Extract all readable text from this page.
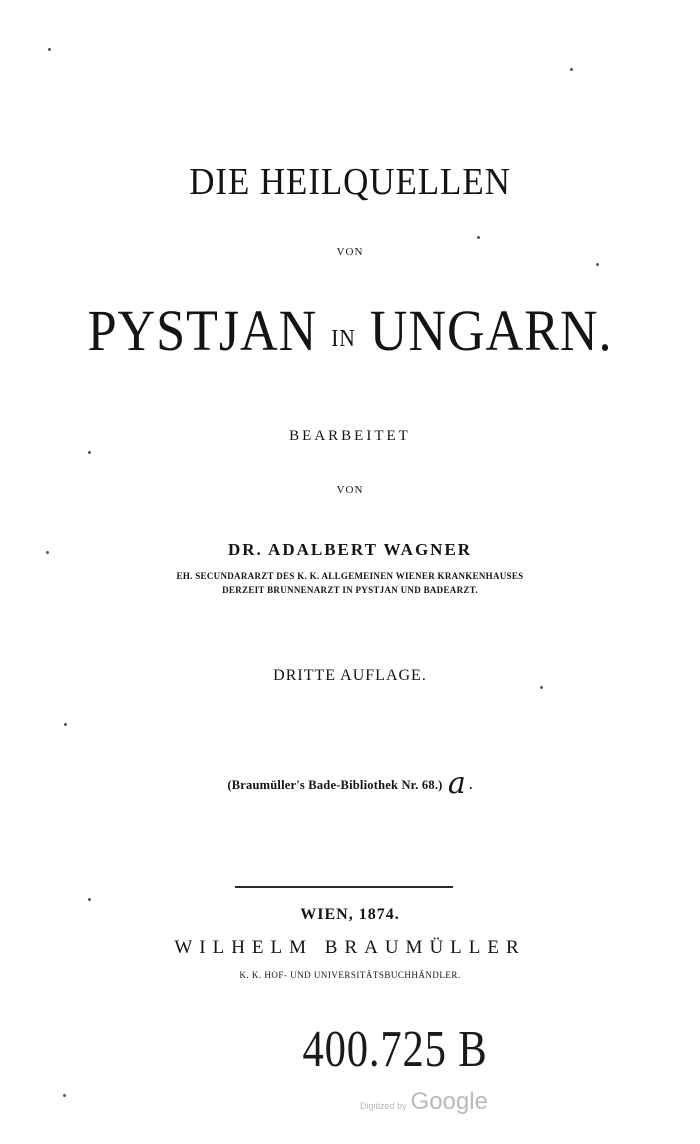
DIE HEILQUELLEN
VON
PYSTJAN IN UNGARN.
BEARBEITET
VON
DR. ADALBERT WAGNER
EH. SECUNDARARZT DES K. K. ALLGEMEINEN WIENER KRANKENHAUSES
DERZEIT BRUNNENARZT IN PYSTJAN UND BADEARZT.
DRITTE AUFLAGE.
(Braumüller's Bade-Bibliothek Nr. 68.) a .
WIEN, 1874.
WILHELM BRAUMÜLLER
K. K. HOF- UND UNIVERSITÄTSBUCHHÄNDLER.
400.725 B
Digitized by Google
